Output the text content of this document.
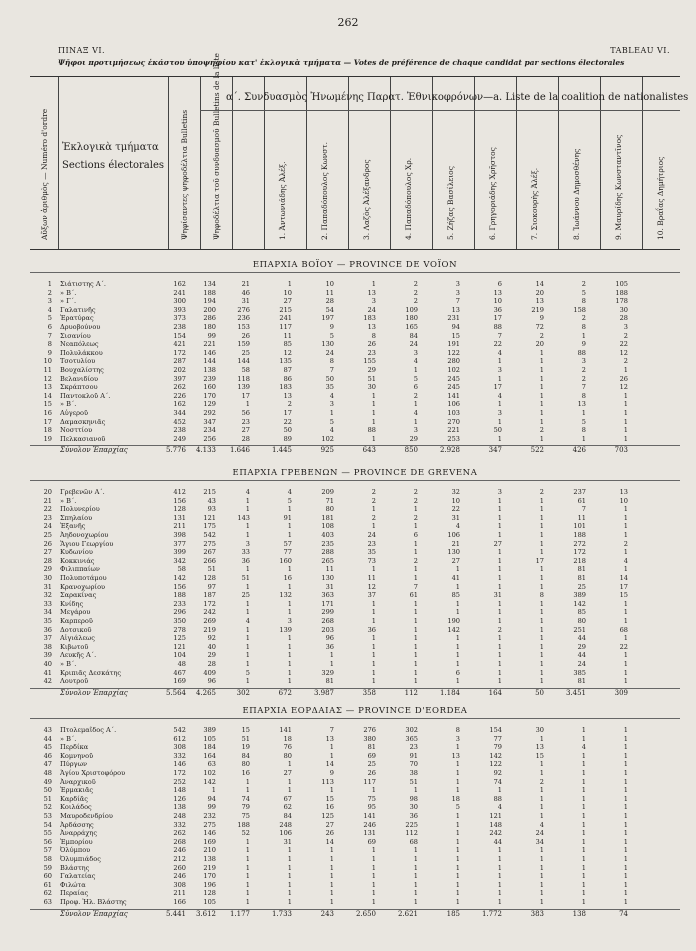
262
ΠΙΝΑΞ VI.	TABLEAU VI.
Ψῆφοι προτιμήσεως ἑκάστου ὑποψηφίου κατ' ἐκλογικὰ τμήματα — Votes de préférence de chaque candidat par sections électorales
Αὔξων ἀριθμὸς — Numéro d'ordre Ἐκλογικὰ τμήματα
Sections électorales Ψηφίσαντες ψηφοδέλτια Bulletins	Ψηφοδέλτια τοῦ συνδυασμοῦ Bulletins de la liste α΄. Συνδυασμὸς Ἠνωμένης Παρατ. Ἐθνικοφρόνων—a. Liste de la coalition de nationalistes
1. Ἀντωνιάδης Ἀλέξ.	2. Παπαδόπουλος Κωνστ.	3. Λαζὸς Ἀλέξανδρος	4. Παπαδόπουλος Χρ.	5. Ζήζας Βασίλειος	6. Γρηγοριάδης Χρῆστος	7. Σιοκουρὴς Ἀλέξ.	8. Ἰωάννου Δημοσθένης	9. Μαυρίδης Κωνσταντῖνος	10. Βραΐας Δημήτριος
ΕΠΑΡΧΙΑ ΒΟΪΟΥ — PROVINCE DE VOÏON
1 Σιάτιστης Α΄.	162	134	21	1	10	1	2	3	6	14	2	105
2 » Β΄.	241	188	46	10	11	13	2	3	13	20	5	188
3 » Γ΄.	300	194	31	27	28	3	2	7	10	13	8	178
4 Γαλατινῆς	393	200	276	215	54	24	109	13	36	219	158	30
5 Ἐρατύρας	373	286	236	241	197	183	180	231	17	9	2	28
6 Δρυοβούνου	238	180	153	117	9	13	165	94	88	72	8	3
7 Σισανίου	154	99	26	11	5	8	84	15	7	2	1	2
8 Νεαπόλεως	421	221	159	85	130	26	24	191	22	20	9	22
9 Πολυλάκκου	172	146	25	12	24	23	3	122	4	1	88	12
10 Τσοτυλίου	287	144	144	135	8	155	4	280	1	1	3	2
11 Βουχαλίστης	202	138	58	87	7	29	1	102	3	1	2	1
12 Βελανιδίου	397	239	118	86	50	51	5	245	1	1	2	26
13 Σκράπτσου	262	160	139	183	35	30	6	245	17	1	7	12
14 Παντοκλοῦ Α΄.	226	170	17	13	4	1	2	141	4	1	8	1
15 » Β΄.	162	129	1	2	3	1	1	106	1	1	13	1
16 Αὐγεροῦ	344	292	56	17	1	1	4	103	3	1	1	1
17 Δαμασκηνιᾶς	452	347	23	22	5	1	1	270	1	1	5	1
18 Νοσττίου	238	234	27	50	4	88	3	221	50	2	8	1
19 Πελκασιανοῦ	249	256	28	89	102	1	29	253	1	1	1	1
Σύνολον Ἐπαρχίας	5.776	4.133	1.646	1.445	925	643	850	2.928	347	522	426	703
ΕΠΑΡΧΙΑ ΓΡΕΒΕΝΩΝ — PROVINCE DE GREVENA
20 Γρεβενῶν Α΄.	412	215	4	4	209	2	2	32	3	2	237	13
21 » Β΄.	156	43	1	5	71	2	2	10	1	1	61	10
22 Πολυνερίου	128	93	1	1	80	1	1	22	1	1	7	1
23 Σπηλαίου	131	121	143	91	181	2	2	31	1	1	11	1
24 Ἐξανῆς	211	175	1	1	108	1	1	4	1	1	101	1
25 Ἀηδονοχωρίου	398	542	1	1	403	24	6	106	1	1	188	1
26 Ἅγιου Γεωργίου	377	275	3	57	235	23	1	21	27	1	272	2
27 Κυδωνίου	399	267	33	77	288	35	1	130	1	1	172	1
28 Κοκκινιάς	342	266	36	160	265	73	2	27	1	17	218	4
29 Φιλιππαίων	58	51	1	1	11	1	1	1	1	1	81	1
30 Πολυποτάμου	142	128	51	16	130	11	1	41	1	1	81	14
31 Κρανοχωρίου	156	97	1	1	31	12	7	1	1	1	25	17
32 Σαρακίνας	188	187	25	132	363	37	61	85	31	8	389	15
33 Κνίδης	233	172	1	1	171	1	1	1	1	1	142	1
34 Μεγάρου	296	242	1	1	299	1	1	1	1	1	85	1
35 Καρπεροῦ	350	269	4	3	268	1	1	190	1	1	80	1
36 Δοτσικοῦ	278	219	1	139	203	36	1	142	2	1	251	68
37 Αἰγιάλεως	125	92	1	1	96	1	1	1	1	1	44	1
38 Κιβωτοῦ	121	40	1	1	36	1	1	1	1	1	29	22
39 Λευκῆς Α΄.	104	29	1	1	1	1	1	1	1	1	44	1
40 » Β΄.	48	28	1	1	1	1	1	1	1	1	24	1
41 Κριπιᾶς Δεσκάτης	467	409	5	1	329	1	1	6	1	1	385	1
42 Λουτροῦ	169	96	1	1	81	1	1	1	1	1	81	1
Σύνολον Ἐπαρχίας	5.564	4.265	302	672	3.987	358	112	1.184	164	50	3.451	309
ΕΠΑΡΧΙΑ ΕΟΡΔΑΙΑΣ — PROVINCE D'EORDEA
43 Πτολεμαΐδος Α΄.	542	389	15	141	7	276	302	8	154	30	1	1
44 » Β΄.	612	105	51	18	13	380	365	3	77	1	1	1
45 Περδίκα	308	184	19	76	1	81	23	1	79	13	4	1
46 Κομνηνοῦ	332	164	84	80	1	69	91	13	142	15	1	1
47 Πύργων	146	63	80	1	14	25	70	1	122	1	1	1
48 Ἁγίου Χριστοφόρου	172	102	16	27	9	26	38	1	92	1	1	1
49 Ἀναρχικοῦ	252	142	1	1	113	117	51	1	74	2	1	1
50 Ἐρμακιᾶς	148	1	1	1	1	1	1	1	1	1	1	1
51 Καρδίᾶς	126	94	74	67	15	75	98	18	88	1	1	1
52 Κοιλάδος	138	99	79	62	16	95	30	5	4	1	1	1
53 Μαυροδενδρίου	248	232	75	84	125	141	36	1	121	1	1	1
54 Ἀρδάσσης	332	275	188	248	27	246	225	1	148	4	1	1
55 Ἀναρράχης	262	146	52	106	26	131	112	1	242	24	1	1
56 Ἐμπορίου	268	169	1	31	14	69	68	1	44	34	1	1
57 Ὀλύμπου	246	210	1	1	1	1	1	1	1	1	1	1
58 Ὀλυμπιάδος	212	138	1	1	1	1	1	1	1	1	1	1
59 Βλάστης	260	219	1	1	1	1	1	1	1	1	1	1
60 Γαλατείας	246	170	1	1	1	1	1	1	1	1	1	1
61 Φιλώτα	308	196	1	1	1	1	1	1	1	1	1	1
62 Περαίας	211	128	1	1	1	1	1	1	1	1	1	1
63 Προφ. Ἠλ. Βλάστης	166	105	1	1	1	1	1	1	1	1	1	1
Σύνολον Ἐπαρχίας	5.441	3.612	1.177	1.733	243	2.650	2.621	185	1.772	383	138	74
